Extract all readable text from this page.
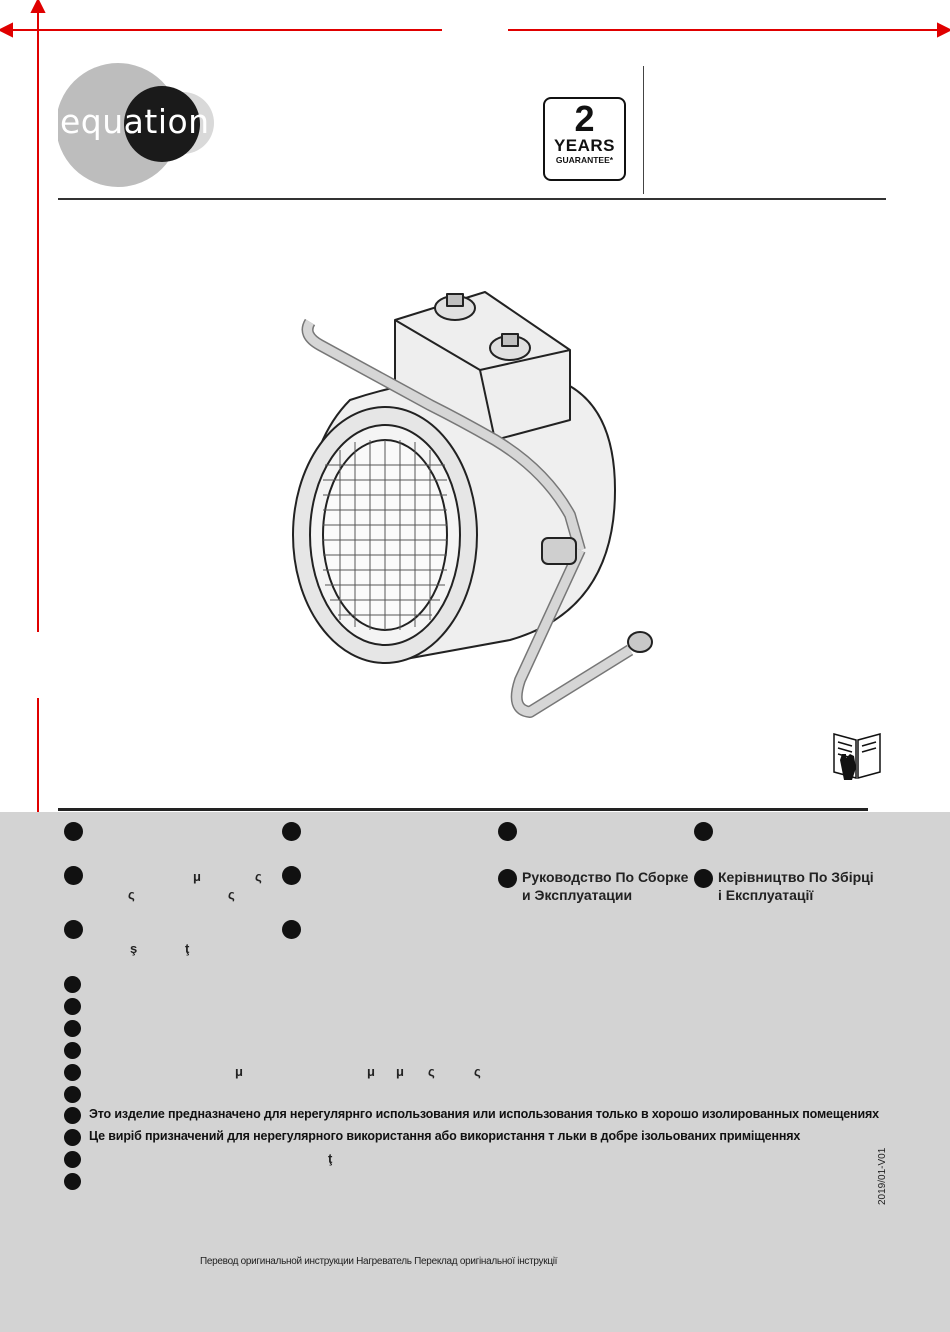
equation	2
YEARS
GUARANTEE*
μ	ς
ς	ς
Руководство По Сборке
и Эксплуатации
Керівництво По Збірці
і Експлуатації
ş	ţ
μ	μ μ ς	ς
Это изделие предназначено для нерегулярнго использования или использования только в хорошо изолированных помещениях
Це виріб призначений для нерегулярного використання або використання т льки в добре ізольованих приміщеннях
ţ	2019/01-V01
Перевод оригинальной инструкции Нагреватель Переклад оригінальної інструкції
